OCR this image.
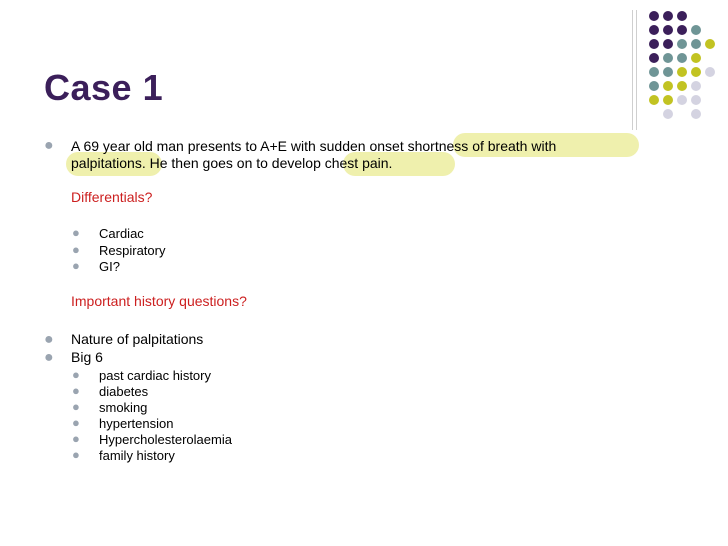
Case 1
● A 69 year old man presents to A+E with sudden onset shortness of breath with
palpitations. He then goes on to develop chest pain.
Differentials?
● Cardiac
● Respiratory
● GI?
Important history questions?
● Nature of palpitations
● Big 6
● past cardiac history
● diabetes
● smoking
● hypertension
● Hypercholesterolaemia
● family history
